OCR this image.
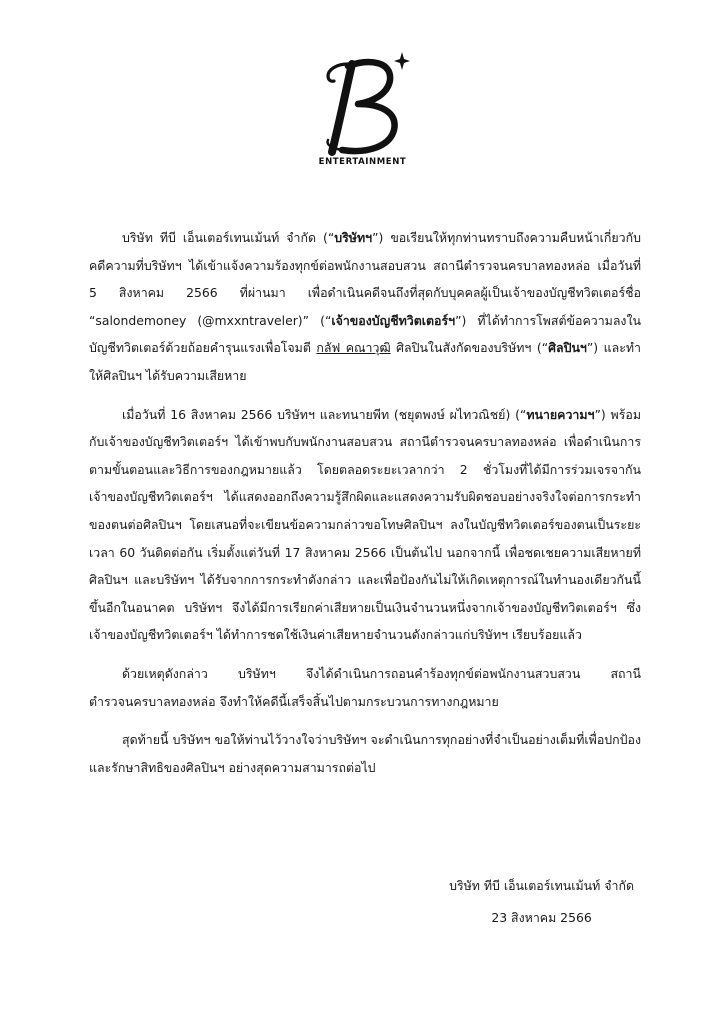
ENTERTAINMENT

บริษัท ทีบี เอ็นเตอร์เทนเม้นท์ จำกัด (“บริษัทฯ”) ขอเรียนให้ทุกท่านทราบถึงความคืบหน้าเกี่ยวกับคดีความที่บริษัทฯ ได้เข้าแจ้งความร้องทุกข์ต่อพนักงานสอบสวน สถานีตำรวจนครบาลทองหล่อ เมื่อวันที่ 5 สิงหาคม 2566 ที่ผ่านมา เพื่อดำเนินคดีจนถึงที่สุดกับบุคคลผู้เป็นเจ้าของบัญชีทวิตเตอร์ชื่อ “salondemoney (@mxxntraveler)” (“เจ้าของบัญชีทวิตเตอร์ฯ”) ที่ได้ทำการโพสต์ข้อความลงในบัญชีทวิตเตอร์ด้วยถ้อยคำรุนแรงเพื่อโจมตี กลัฟ คณาวุฒิ ศิลปินในสังกัดของบริษัทฯ (“ศิลปินฯ”) และทำให้ศิลปินฯ ได้รับความเสียหาย

เมื่อวันที่ 16 สิงหาคม 2566 บริษัทฯ และทนายพีท (ชยุตพงษ์ ผไทวณิชย์) (“ทนายความฯ”) พร้อมกับเจ้าของบัญชีทวิตเตอร์ฯ ได้เข้าพบกับพนักงานสอบสวน สถานีตำรวจนครบาลทองหล่อ เพื่อดำเนินการตามขั้นตอนและวิธีการของกฎหมายแล้ว โดยตลอดระยะเวลากว่า 2 ชั่วโมงที่ได้มีการร่วมเจรจากัน เจ้าของบัญชีทวิตเตอร์ฯ ได้แสดงออกถึงความรู้สึกผิดและแสดงความรับผิดชอบอย่างจริงใจต่อการกระทำของตนต่อศิลปินฯ โดยเสนอที่จะเขียนข้อความกล่าวขอโทษศิลปินฯ ลงในบัญชีทวิตเตอร์ของตนเป็นระยะเวลา 60 วันติดต่อกัน เริ่มตั้งแต่วันที่ 17 สิงหาคม 2566 เป็นต้นไป นอกจากนี้ เพื่อชดเชยความเสียหายที่ศิลปินฯ และบริษัทฯ ได้รับจากการกระทำดังกล่าว และเพื่อป้องกันไม่ให้เกิดเหตุการณ์ในทำนองเดียวกันนี้ขึ้นอีกในอนาคต บริษัทฯ จึงได้มีการเรียกค่าเสียหายเป็นเงินจำนวนหนึ่งจากเจ้าของบัญชีทวิตเตอร์ฯ ซึ่งเจ้าของบัญชีทวิตเตอร์ฯ ได้ทำการชดใช้เงินค่าเสียหายจำนวนดังกล่าวแก่บริษัทฯ เรียบร้อยแล้ว

ด้วยเหตุดังกล่าว บริษัทฯ จึงได้ดำเนินการถอนคำร้องทุกข์ต่อพนักงานสวบสวน สถานีตำรวจนครบาลทองหล่อ จึงทำให้คดีนี้เสร็จสิ้นไปตามกระบวนการทางกฎหมาย

สุดท้ายนี้ บริษัทฯ ขอให้ท่านไว้วางใจว่าบริษัทฯ จะดำเนินการทุกอย่างที่จำเป็นอย่างเต็มที่เพื่อปกป้องและรักษาสิทธิของศิลปินฯ อย่างสุดความสามารถต่อไป

บริษัท ทีบี เอ็นเตอร์เทนเม้นท์ จำกัด
23 สิงหาคม 2566
